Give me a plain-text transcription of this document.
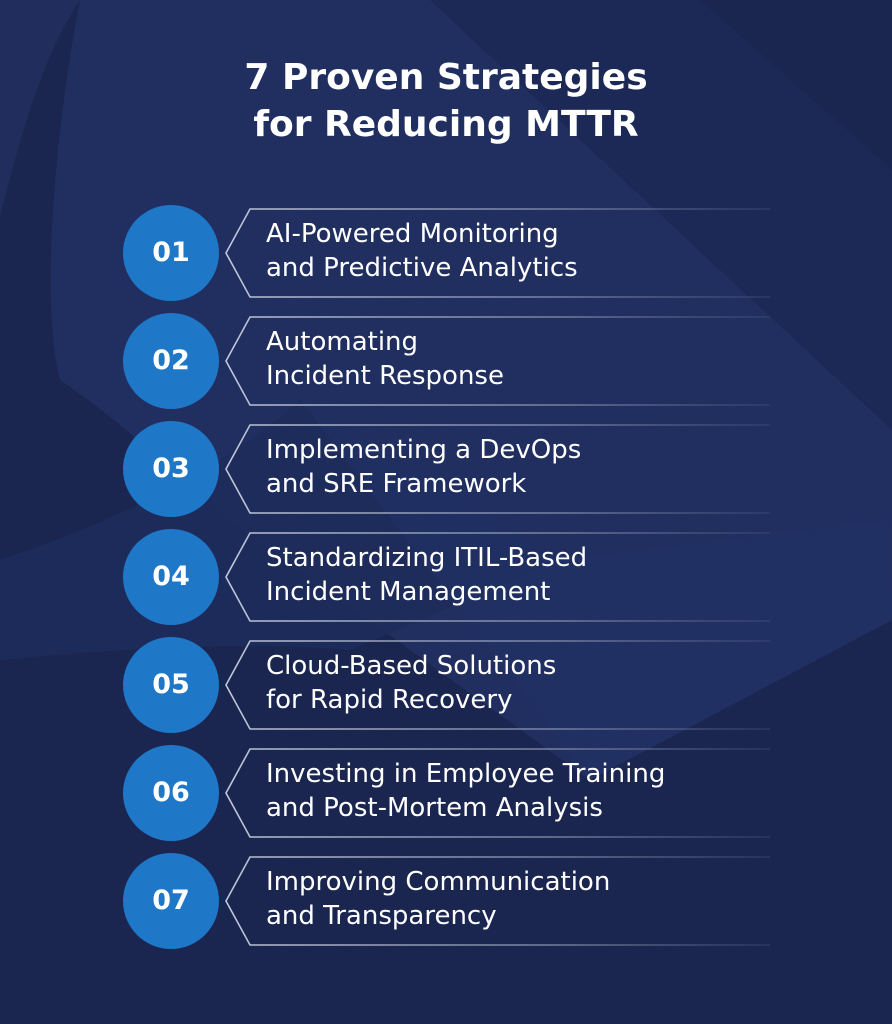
7 Proven Strategies
for Reducing MTTR
01
AI-Powered Monitoring
and Predictive Analytics
02
Automating
Incident Response
03
Implementing a DevOps
and SRE Framework
04
Standardizing ITIL-Based
Incident Management
05
Cloud-Based Solutions
for Rapid Recovery
06
Investing in Employee Training
and Post-Mortem Analysis
07
Improving Communication
and Transparency
